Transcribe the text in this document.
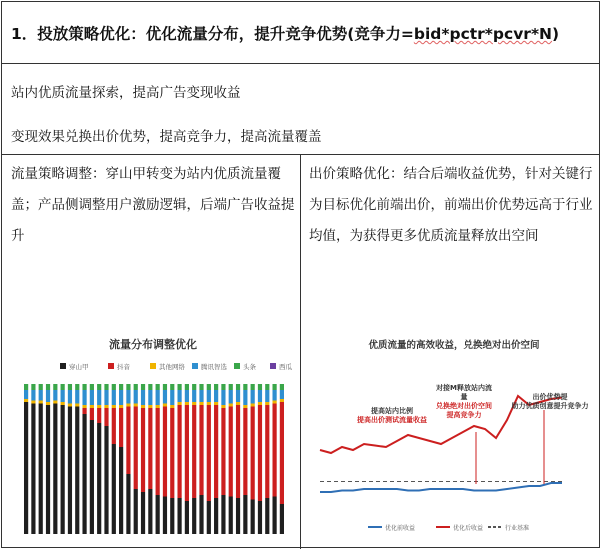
1．投放策略优化：优化流量分布，提升竞争优势(竞争力=bid*pctr*pcvr*N)
站内优质流量探索，提高广告变现收益
变现效果兑换出价优势，提高竞争力，提高流量覆盖
流量策略调整：穿山甲转变为站内优质流量覆盖；产品侧调整用户激励逻辑，后端广告收益提升
出价策略优化：结合后端收益优势，针对关键行为目标优化前端出价，前端出价优势远高于行业均值，为获得更多优质流量释放出空间
流量分布调整优化
穿山甲	抖音	其他网络 腾讯智选 头条	西瓜
优质流量的高效收益，兑换绝对出价空间
提高站内比例
提高出价测试流量收益
对接M释放站内流
量
兑换绝对出价空间
提高竞争力
出价优势提
助力优质创意提升竞争力
优化前收益	优化后收益	行业基准
